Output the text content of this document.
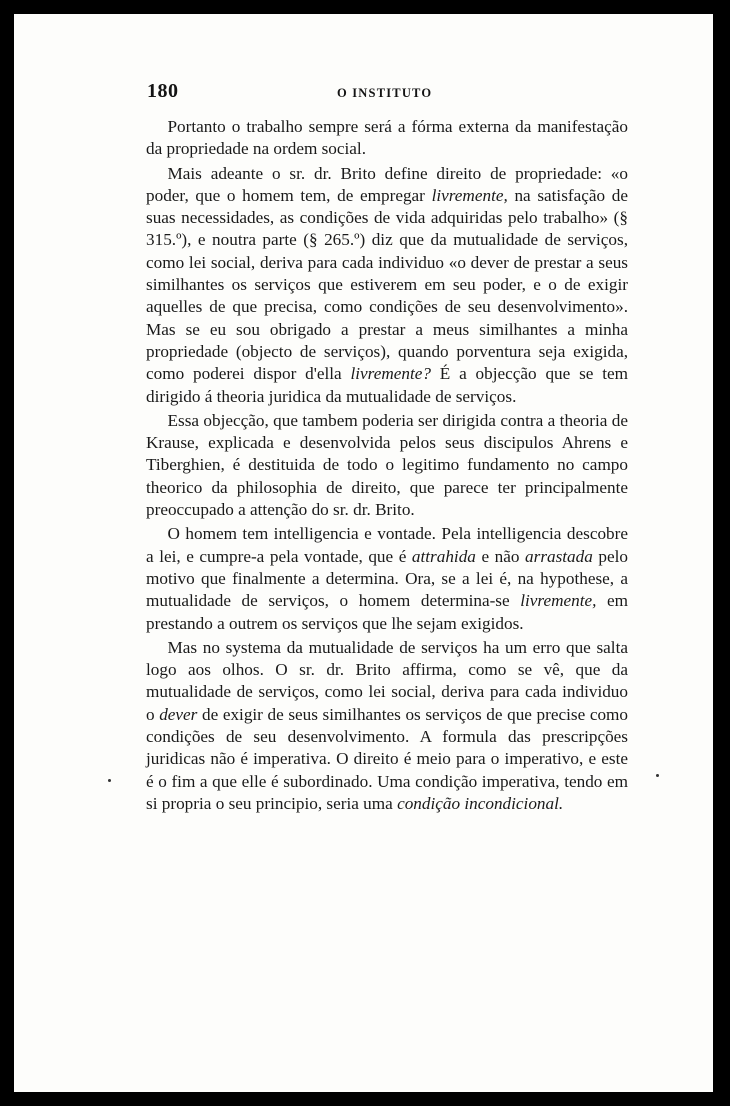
180	O INSTITUTO

Portanto o trabalho sempre será a fórma externa da manifestação da propriedade na ordem social.

Mais adeante o sr. dr. Brito define direito de propriedade: «o poder, que o homem tem, de empregar livremente, na satisfação de suas necessidades, as condições de vida adquiridas pelo trabalho» (§ 315.º), e noutra parte (§ 265.º) diz que da mutualidade de serviços, como lei social, deriva para cada individuo «o dever de prestar a seus similhantes os serviços que estiverem em seu poder, e o de exigir aquelles de que precisa, como condições de seu desenvolvimento». Mas se eu sou obrigado a prestar a meus similhantes a minha propriedade (objecto de serviços), quando porventura seja exigida, como poderei dispor d'ella livremente? É a objecção que se tem dirigido á theoria juridica da mutualidade de serviços.

Essa objecção, que tambem poderia ser dirigida contra a theoria de Krause, explicada e desenvolvida pelos seus discipulos Ahrens e Tiberghien, é destituida de todo o legitimo fundamento no campo theorico da philosophia de direito, que parece ter principalmente preoccupado a attenção do sr. dr. Brito.

O homem tem intelligencia e vontade. Pela intelligencia descobre a lei, e cumpre-a pela vontade, que é attrahida e não arrastada pelo motivo que finalmente a determina. Ora, se a lei é, na hypothese, a mutualidade de serviços, o homem determina-se livremente, em prestando a outrem os serviços que lhe sejam exigidos.

Mas no systema da mutualidade de serviços ha um erro que salta logo aos olhos. O sr. dr. Brito affirma, como se vê, que da mutualidade de serviços, como lei social, deriva para cada individuo o dever de exigir de seus similhantes os serviços de que precise como condições de seu desenvolvimento. A formula das prescripções juridicas não é imperativa. O direito é meio para o imperativo, e este é o fim a que elle é subordinado. Uma condição imperativa, tendo em si propria o seu principio, seria uma condição incondicional.
